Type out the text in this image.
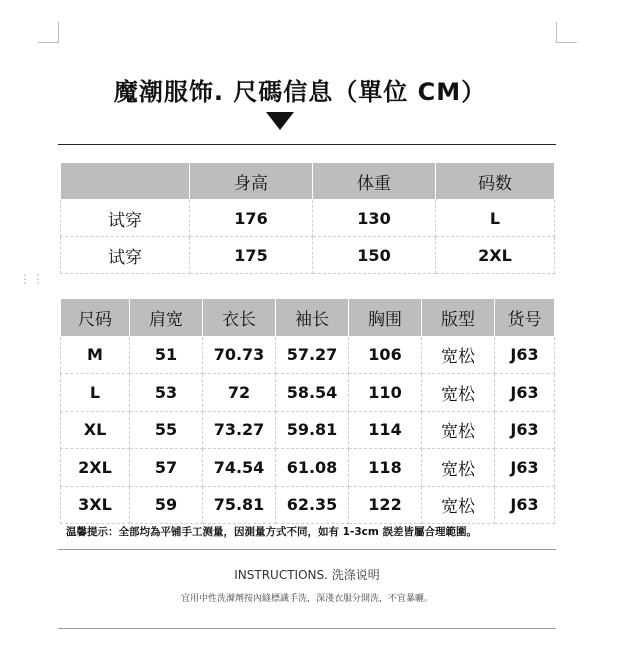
⋮⋮
魔潮服饰. 尺碼信息（單位 CM）
	身高	体重	码数
试穿	176	130	L
试穿	175	150	2XL
尺码	肩宽	衣长	袖长	胸围	版型	货号
M	51	70.73	57.27	106	宽松	J63
L	53	72	58.54	110	宽松	J63
XL	55	73.27	59.81	114	宽松	J63
2XL	57	74.54	61.08	118	宽松	J63
3XL	59	75.81	62.35	122	宽松	J63
温馨提示：全部均為平铺手工测量，因測量方式不同，如有 1-3cm 誤差皆屬合理範圍。
INSTRUCTIONS. 洗涤说明
宜用中性洗滌劑按內縫標識手洗，深淺衣服分開洗，不宜暴曬。
